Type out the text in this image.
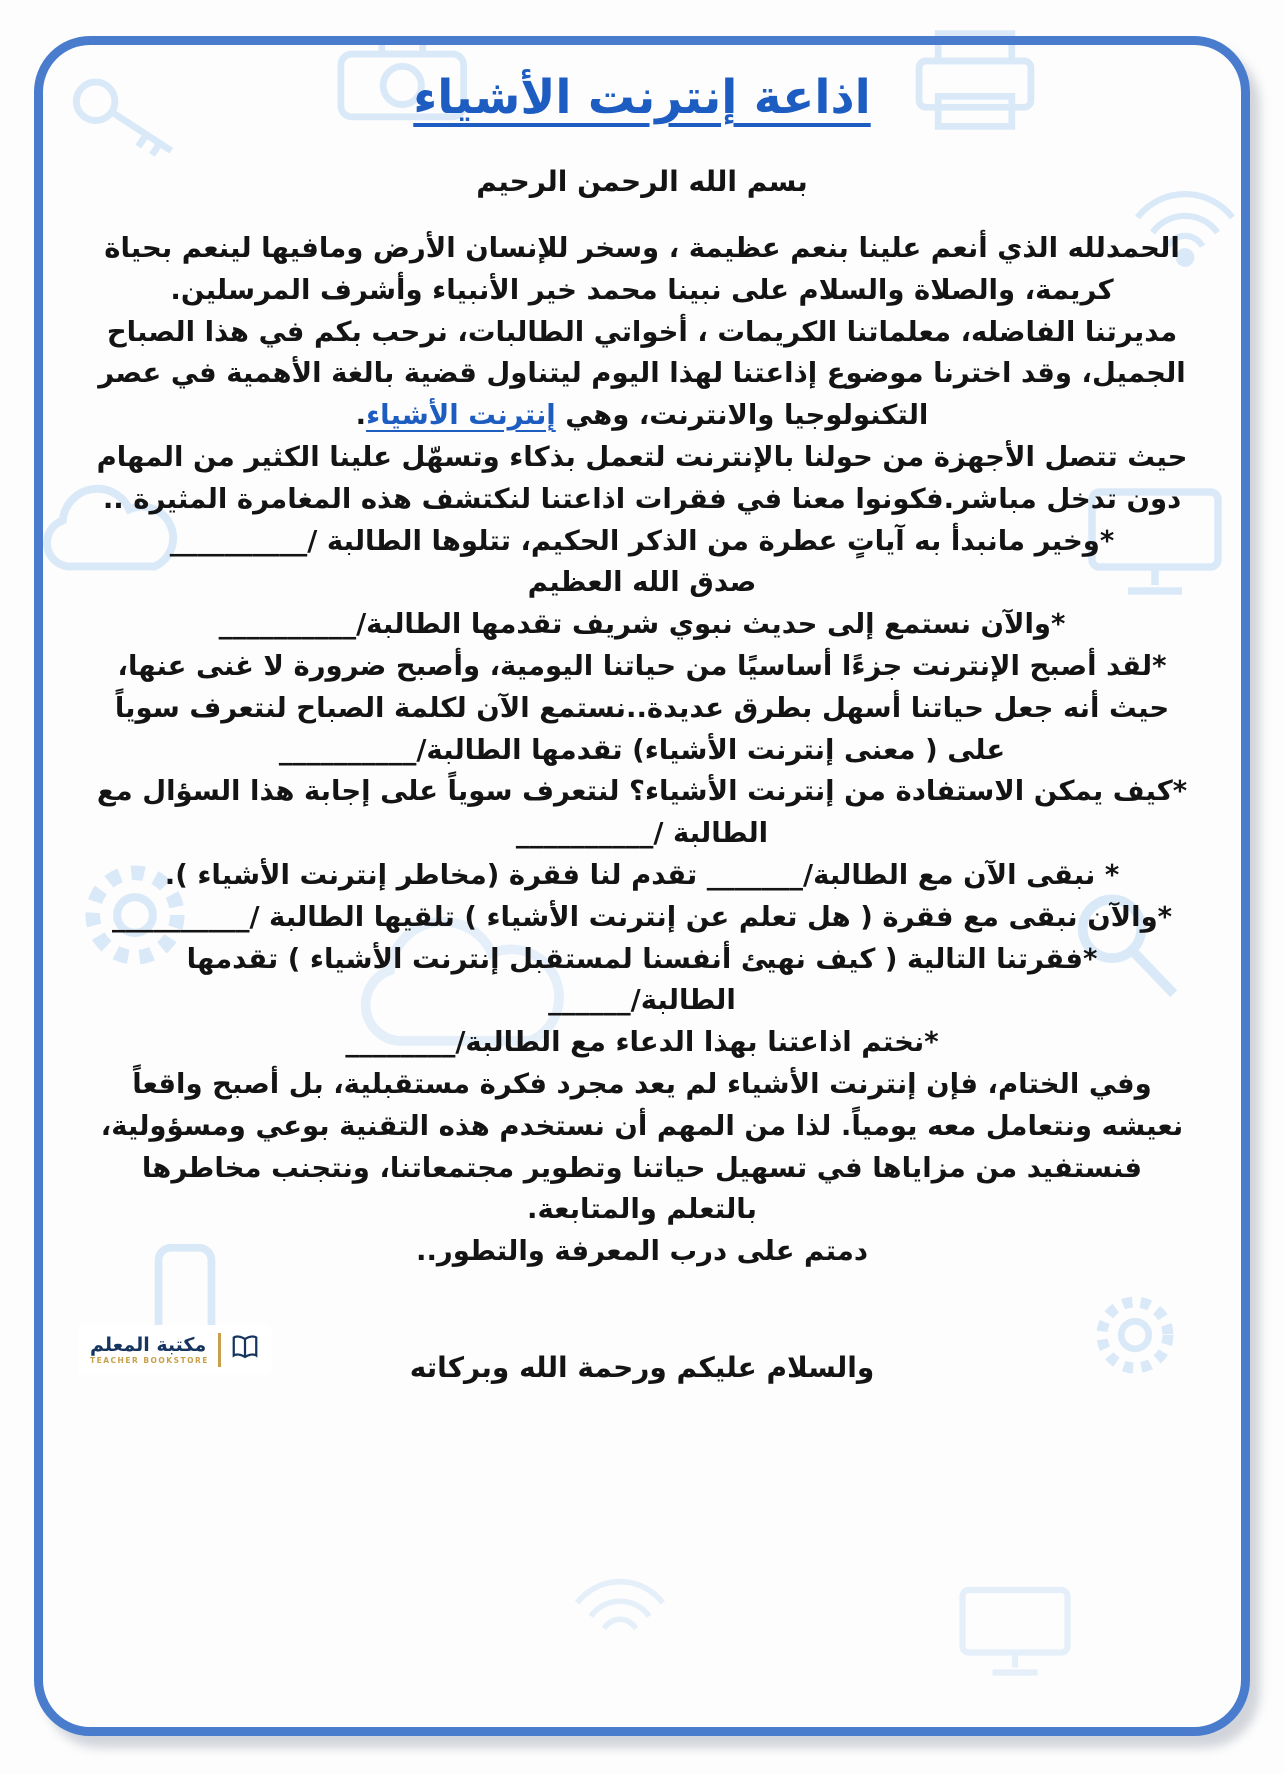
اذاعة إنترنت الأشياء
بسم الله الرحمن الرحيم

الحمدلله الذي أنعم علينا بنعم عظيمة ، وسخر للإنسان الأرض ومافيها لينعم بحياة كريمة، والصلاة والسلام على نبينا محمد خير الأنبياء وأشرف المرسلين.

مديرتنا الفاضله، معلماتنا الكريمات ، أخواتي الطالبات، نرحب بكم في هذا الصباح الجميل، وقد اخترنا موضوع إذاعتنا لهذا اليوم ليتناول قضية بالغة الأهمية في عصر التكنولوجيا والانترنت، وهي إنترنت الأشياء.

حيث تتصل الأجهزة من حولنا بالإنترنت لتعمل بذكاء وتسهّل علينا الكثير من المهام دون تدخل مباشر.فكونوا معنا في فقرات اذاعتنا لنكتشف هذه المغامرة المثيرة ..

*وخير مانبدأ به آياتٍ عطرة من الذكر الحكيم، تتلوها الطالبة /__________

صدق الله العظيم

*والآن نستمع إلى حديث نبوي شريف تقدمها الطالبة/__________

*لقد أصبح الإنترنت جزءًا أساسيًا من حياتنا اليومية، وأصبح ضرورة لا غنى عنها، حيث أنه جعل حياتنا أسهل بطرق عديدة..نستمع الآن لكلمة الصباح لنتعرف سوياً على ( معنى إنترنت الأشياء) تقدمها الطالبة/__________

*كيف يمكن الاستفادة من إنترنت الأشياء؟ لنتعرف سوياً على إجابة هذا السؤال مع الطالبة /__________

* نبقى الآن مع الطالبة/_______ تقدم لنا فقرة (مخاطر إنترنت الأشياء ).

*والآن نبقى مع فقرة ( هل تعلم عن إنترنت الأشياء ) تلقيها الطالبة /__________

*فقرتنا التالية ( كيف نهيئ أنفسنا لمستقبل إنترنت الأشياء ) تقدمها الطالبة/______

*نختم اذاعتنا بهذا الدعاء مع الطالبة/________

وفي الختام، فإن إنترنت الأشياء لم يعد مجرد فكرة مستقبلية، بل أصبح واقعاً نعيشه ونتعامل معه يومياً. لذا من المهم أن نستخدم هذه التقنية بوعي ومسؤولية، فنستفيد من مزاياها في تسهيل حياتنا وتطوير مجتمعاتنا، ونتجنب مخاطرها بالتعلم والمتابعة.

دمتم على درب المعرفة والتطور..

مكتبة المعلم
TEACHER BOOKSTORE	والسلام عليكم ورحمة الله وبركاته
